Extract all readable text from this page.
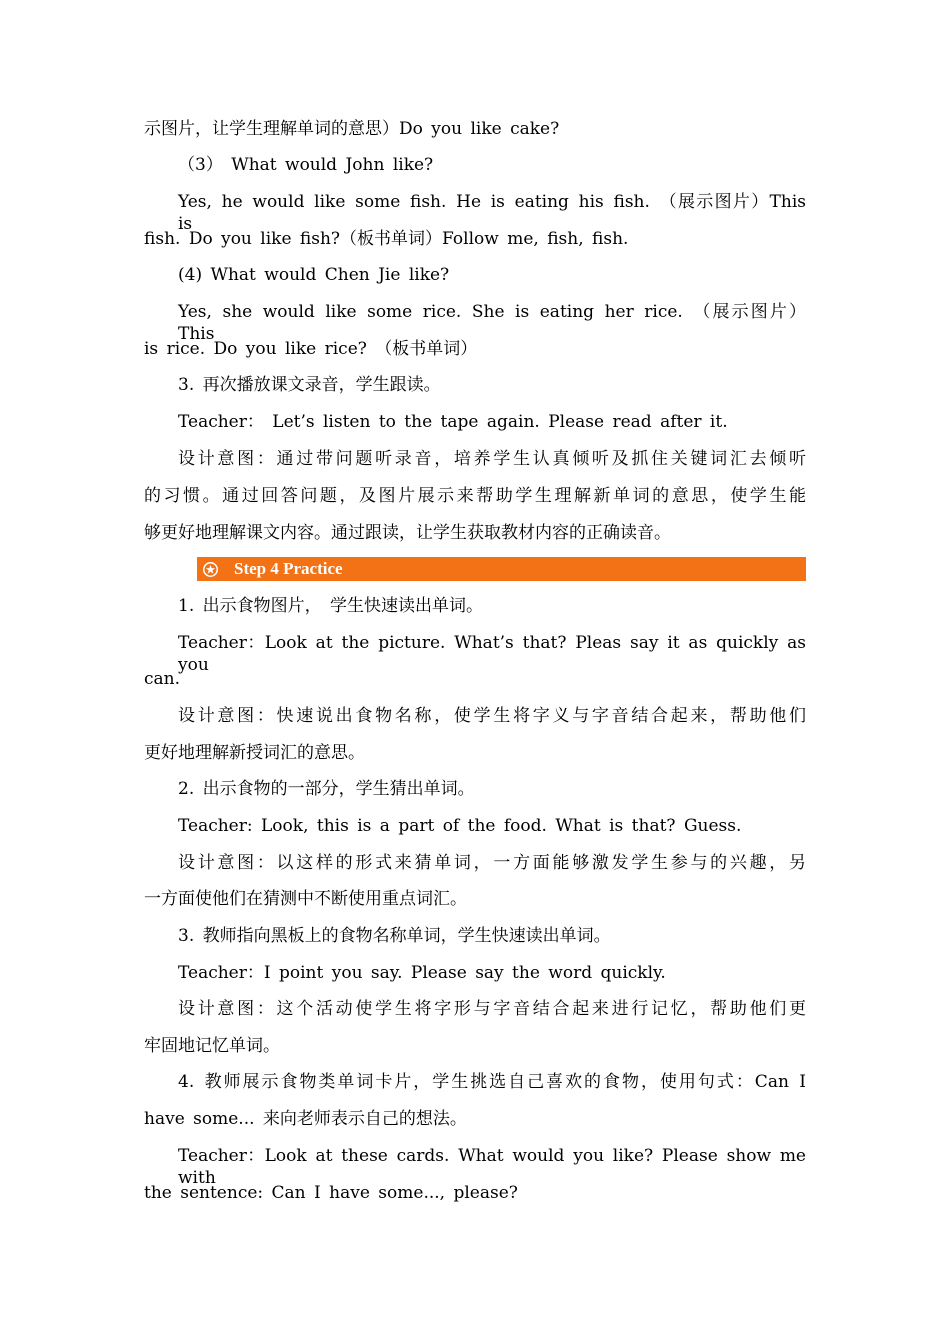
示图片，让学生理解单词的意思）Do you like cake?
（3） What would John like?
Yes, he would like some fish. He is eating his fish. （展示图片）This is
fish. Do you like fish?（板书单词）Follow me, fish, fish.
(4) What would Chen Jie like?
Yes, she would like some rice. She is eating her rice. （展示图片）This
is rice. Do you like rice? （板书单词）
3. 再次播放课文录音，学生跟读。
Teacher： Let’s listen to the tape again. Please read after it.
设计意图：通过带问题听录音，培养学生认真倾听及抓住关键词汇去倾听
的习惯。通过回答问题，及图片展示来帮助学生理解新单词的意思，使学生能
够更好地理解课文内容。通过跟读，让学生获取教材内容的正确读音。
Step 4 Practice
1. 出示食物图片， 学生快速读出单词。
Teacher：Look at the picture. What’s that? Pleas say it as quickly as you
can.
设计意图：快速说出食物名称，使学生将字义与字音结合起来，帮助他们
更好地理解新授词汇的意思。
2. 出示食物的一部分，学生猜出单词。
Teacher: Look, this is a part of the food. What is that? Guess.
设计意图：以这样的形式来猜单词，一方面能够激发学生参与的兴趣，另
一方面使他们在猜测中不断使用重点词汇。
3. 教师指向黑板上的食物名称单词，学生快速读出单词。
Teacher：I point you say. Please say the word quickly.
设计意图：这个活动使学生将字形与字音结合起来进行记忆，帮助他们更
牢固地记忆单词。
4. 教师展示食物类单词卡片，学生挑选自己喜欢的食物，使用句式：Can I
have some... 来向老师表示自己的想法。
Teacher：Look at these cards. What would you like? Please show me with
the sentence: Can I have some..., please?
